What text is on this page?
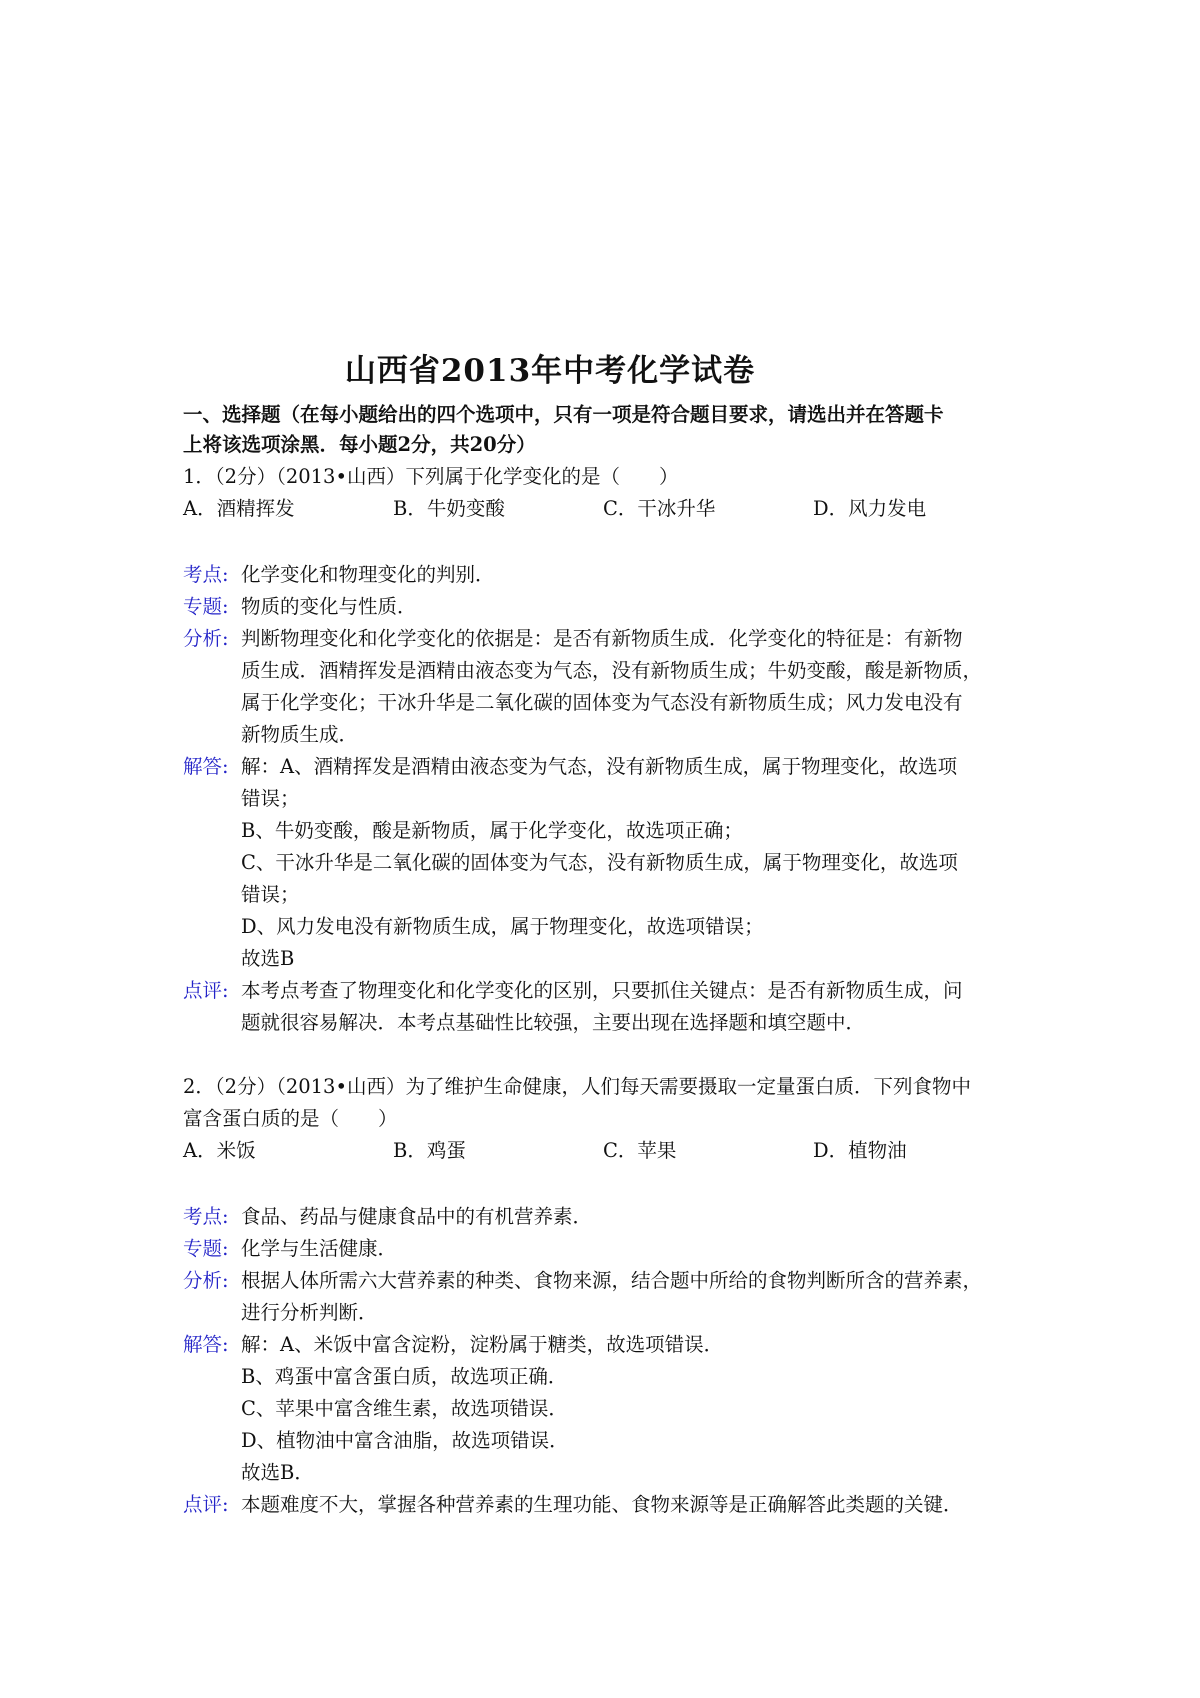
山西省2013年中考化学试卷
一、选择题（在每小题给出的四个选项中，只有一项是符合题目要求，请选出并在答题卡
上将该选项涂黑．每小题2分，共20分）
1．（2分）（2013•山西）下列属于化学变化的是（　　）
A．酒精挥发	B．牛奶变酸	C．干冰升华	D．风力发电
考点: 化学变化和物理变化的判别．
专题: 物质的变化与性质．
分析: 判断物理变化和化学变化的依据是：是否有新物质生成．化学变化的特征是：有新物
质生成．酒精挥发是酒精由液态变为气态，没有新物质生成；牛奶变酸，酸是新物质，
属于化学变化；干冰升华是二氧化碳的固体变为气态没有新物质生成；风力发电没有
新物质生成．
解答: 解：A、酒精挥发是酒精由液态变为气态，没有新物质生成，属于物理变化，故选项
错误；
B、牛奶变酸，酸是新物质，属于化学变化，故选项正确；
C、干冰升华是二氧化碳的固体变为气态，没有新物质生成，属于物理变化，故选项
错误；
D、风力发电没有新物质生成，属于物理变化，故选项错误；
故选B
点评: 本考点考查了物理变化和化学变化的区别，只要抓住关键点：是否有新物质生成，问
题就很容易解决．本考点基础性比较强，主要出现在选择题和填空题中．
2．（2分）（2013•山西）为了维护生命健康，人们每天需要摄取一定量蛋白质．下列食物中
富含蛋白质的是（　　）
A．米饭	B．鸡蛋	C．苹果	D．植物油
考点: 食品、药品与健康食品中的有机营养素．
专题: 化学与生活健康．
分析: 根据人体所需六大营养素的种类、食物来源，结合题中所给的食物判断所含的营养素，
进行分析判断．
解答: 解：A、米饭中富含淀粉，淀粉属于糖类，故选项错误．
B、鸡蛋中富含蛋白质，故选项正确．
C、苹果中富含维生素，故选项错误．
D、植物油中富含油脂，故选项错误．
故选B．
点评: 本题难度不大，掌握各种营养素的生理功能、食物来源等是正确解答此类题的关键．
